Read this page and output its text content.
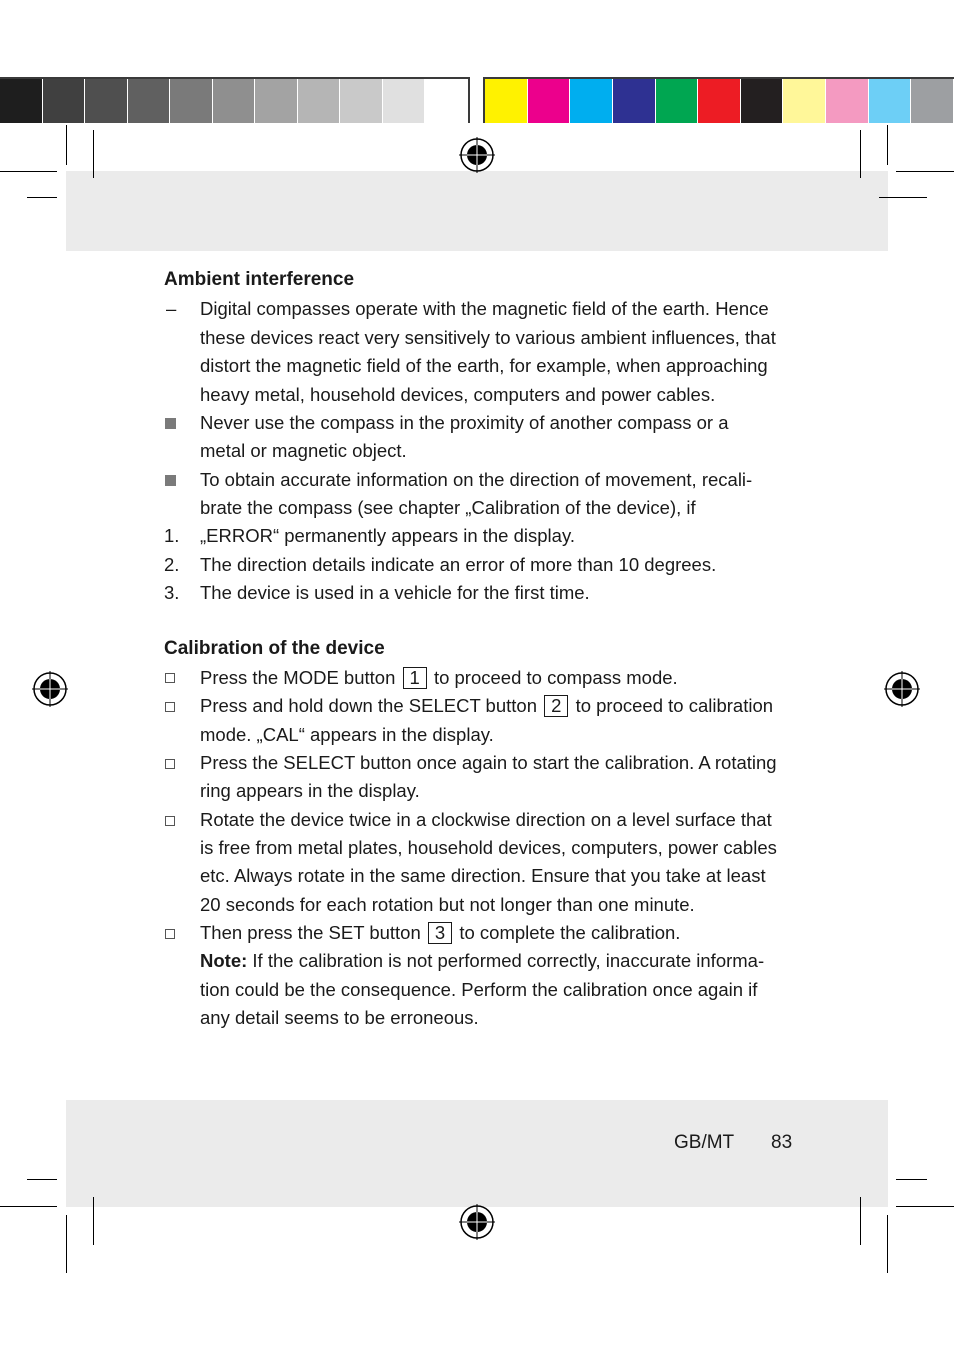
Ambient interference
– Digital compasses operate with the magnetic field of the earth. Hence
these devices react very sensitively to various ambient influences, that
distort the magnetic field of the earth, for example, when approaching
heavy metal, household devices, computers and power cables.
Never use the compass in the proximity of another compass or a
metal or magnetic object.
To obtain accurate information on the direction of movement, recali-
brate the compass (see chapter „Calibration of the device), if
1. „ERROR“ permanently appears in the display.
2. The direction details indicate an error of more than 10 degrees.
3. The device is used in a vehicle for the first time.
Calibration of the device
Press the MODE button 1 to proceed to compass mode.
Press and hold down the SELECT button 2 to proceed to calibration
mode. „CAL“ appears in the display.
Press the SELECT button once again to start the calibration. A rotating
ring appears in the display.
Rotate the device twice in a clockwise direction on a level surface that
is free from metal plates, household devices, computers, power cables
etc. Always rotate in the same direction. Ensure that you take at least
20 seconds for each rotation but not longer than one minute.
Then press the SET button 3 to complete the calibration.
Note: If the calibration is not performed correctly, inaccurate informa-
tion could be the consequence. Perform the calibration once again if
any detail seems to be erroneous.
GB/MT 83
